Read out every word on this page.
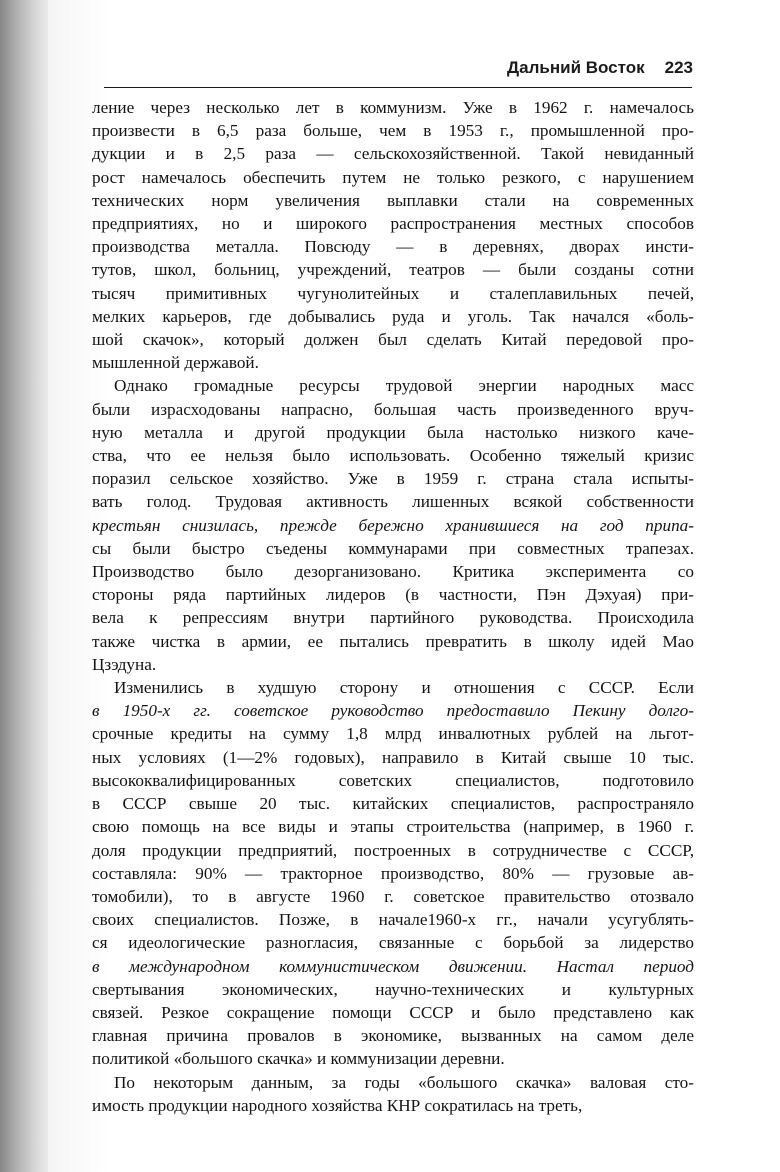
Дальний Восток 223

ление через несколько лет в коммунизм. Уже в 1962 г. намечалось
произвести в 6,5 раза больше, чем в 1953 г., промышленной про-
дукции и в 2,5 раза — сельскохозяйственной. Такой невиданный
рост намечалось обеспечить путем не только резкого, с нарушением
технических норм увеличения выплавки стали на современных
предприятиях, но и широкого распространения местных способов
производства металла. Повсюду — в деревнях, дворах инсти-
тутов, школ, больниц, учреждений, театров — были созданы сотни
тысяч примитивных чугунолитейных и сталеплавильных печей,
мелких карьеров, где добывались руда и уголь. Так начался «боль-
шой скачок», который должен был сделать Китай передовой про-
мышленной державой.

Однако громадные ресурсы трудовой энергии народных масс
были израсходованы напрасно, большая часть произведенного вруч-
ную металла и другой продукции была настолько низкого каче-
ства, что ее нельзя было использовать. Особенно тяжелый кризис
поразил сельское хозяйство. Уже в 1959 г. страна стала испыты-
вать голод. Трудовая активность лишенных всякой собственности
крестьян снизилась, прежде бережно хранившиеся на год припа-
сы были быстро съедены коммунарами при совместных трапезах.
Производство было дезорганизовано. Критика эксперимента со
стороны ряда партийных лидеров (в частности, Пэн Дэхуая) при-
вела к репрессиям внутри партийного руководства. Происходила
также чистка в армии, ее пытались превратить в школу идей Мао
Цзэдуна.

Изменились в худшую сторону и отношения с СССР. Если
в 1950-х гг. советское руководство предоставило Пекину долго-
срочные кредиты на сумму 1,8 млрд инвалютных рублей на льгот-
ных условиях (1—2% годовых), направило в Китай свыше 10 тыс.
высококвалифицированных советских специалистов, подготовило
в СССР свыше 20 тыс. китайских специалистов, распространяло
свою помощь на все виды и этапы строительства (например, в 1960 г.
доля продукции предприятий, построенных в сотрудничестве с СССР,
составляла: 90% — тракторное производство, 80% — грузовые ав-
томобили), то в августе 1960 г. советское правительство отозвало
своих специалистов. Позже, в начале1960-х гг., начали усугублять-
ся идеологические разногласия, связанные с борьбой за лидерство
в международном коммунистическом движении. Настал период
свертывания экономических, научно-технических и культурных
связей. Резкое сокращение помощи СССР и было представлено как
главная причина провалов в экономике, вызванных на самом деле
политикой «большого скачка» и коммунизации деревни.

По некоторым данным, за годы «большого скачка» валовая сто-
имость продукции народного хозяйства КНР сократилась на треть,
